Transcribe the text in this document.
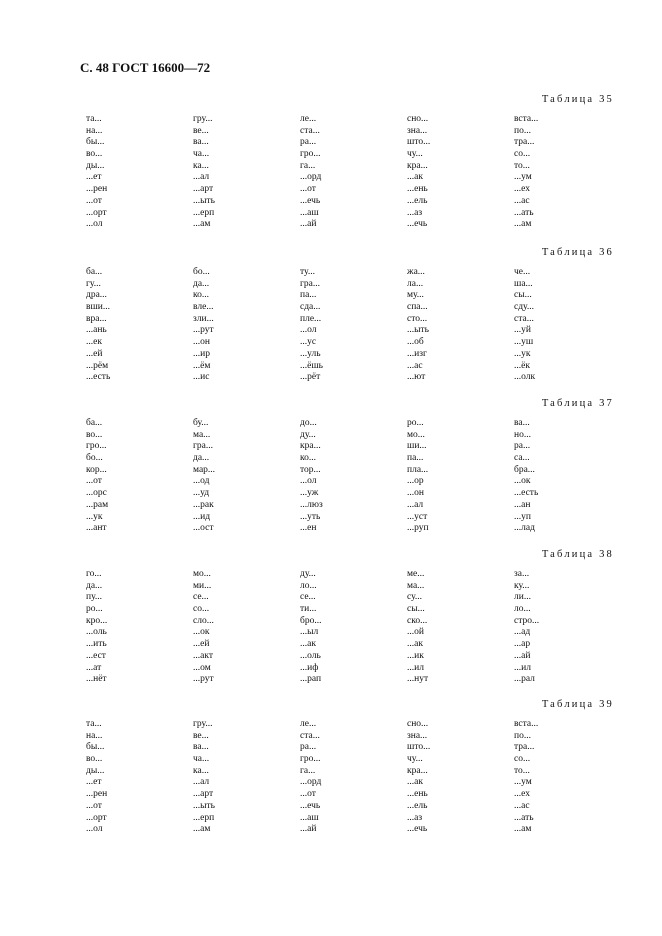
С. 48 ГОСТ 16600—72
Таблица 35
та...
на...
бы...
во...
ды...
...ет
...рен
...от
...орт
...ол
гру...
ве...
ва...
ча...
ка...
...ал
...арт
...ыть
...ерп
...ам
ле...
ста...
ра...
гро...
га...
...орд
...от
...ечь
...аш
...ай
сно...
зна...
што...
чу...
кра...
...ак
...ень
...ель
...аз
...ечь
вста...
по...
тра...
со...
то...
...ум
...ех
...ас
...ать
...ам
Таблица 36
ба...
гу...
дра...
вши...
вра...
...ань
...ек
...ей
...рём
...есть
бо...
да...
ко...
вле...
зли...
...рут
...он
...ир
...ём
...ис
ту...
гра...
па...
сда...
пле...
...ол
...ус
...уль
...ёшь
...рёт
жа...
ла...
му...
спа...
сто...
...ыть
...об
...изг
...ас
...ют
че...
ша...
сы...
сду...
ста...
...уй
...уш
...ук
...ёк
...олк
Таблица 37
ба...
во...
гро...
бо...
кор...
...от
...орс
...рам
...ук
...ант
бу...
ма...
гра...
да...
мар...
...од
...уд
...рак
...ид
...ост
до...
ду...
кра...
ко...
тор...
...ол
...уж
...люз
...уть
...ен
ро...
мо...
ши...
па...
пла...
...ор
...он
...ал
...уст
...руп
ва...
но...
ра...
са...
бра...
...ок
...есть
...ан
...уп
...лад
Таблица 38
го...
да...
пу...
ро...
кро...
...оль
...ить
...ест
...ат
...нёт
мо...
ми...
се...
со...
сло...
...ок
...ей
...акт
...ом
...рут
ду...
ло...
се...
ти...
бро...
...ыл
...ак
...оль
...иф
...рап
ме...
ма...
су...
сы...
ско...
...ой
...ак
...ик
...ил
...нут
за...
ку...
ли...
ло...
стро...
...ад
...ар
...ай
...ил
...рал
Таблица 39
та...
на...
бы...
во...
ды...
...ет
...рен
...от
...орт
...ол
гру...
ве...
ва...
ча...
ка...
...ал
...арт
...ыть
...ерп
...ам
ле...
ста...
ра...
гро...
га...
...орд
...от
...ечь
...аш
...ай
сно...
зна...
што...
чу...
кра...
...ак
...ень
...ель
...аз
...ечь
вста...
по...
тра...
со...
то...
...ум
...ех
...ас
...ать
...ам
